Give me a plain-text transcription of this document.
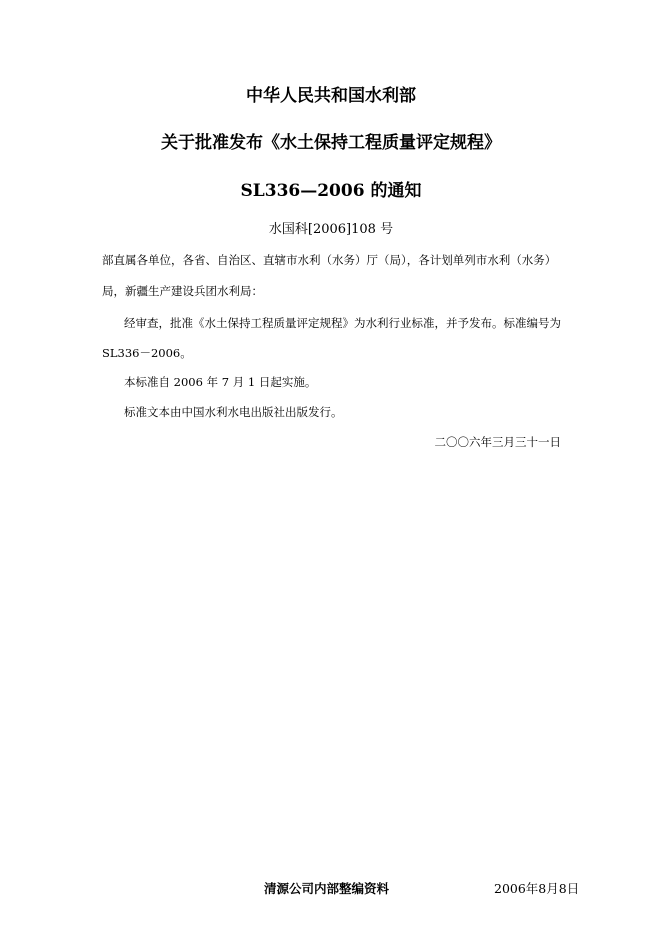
中华人民共和国水利部
关于批准发布《水土保持工程质量评定规程》
SL336—2006 的通知
水国科[2006]108 号
部直属各单位，各省、自治区、直辖市水利（水务）厅（局），各计划单列市水利（水务）
局，新疆生产建设兵团水利局：
经审查，批准《水土保持工程质量评定规程》为水利行业标准，并予发布。标准编号为
SL336－2006。
本标准自 2006 年 7 月 1 日起实施。
标准文本由中国水利水电出版社出版发行。
二〇〇六年三月三十一日
清源公司内部整编资料	2006年8月8日
